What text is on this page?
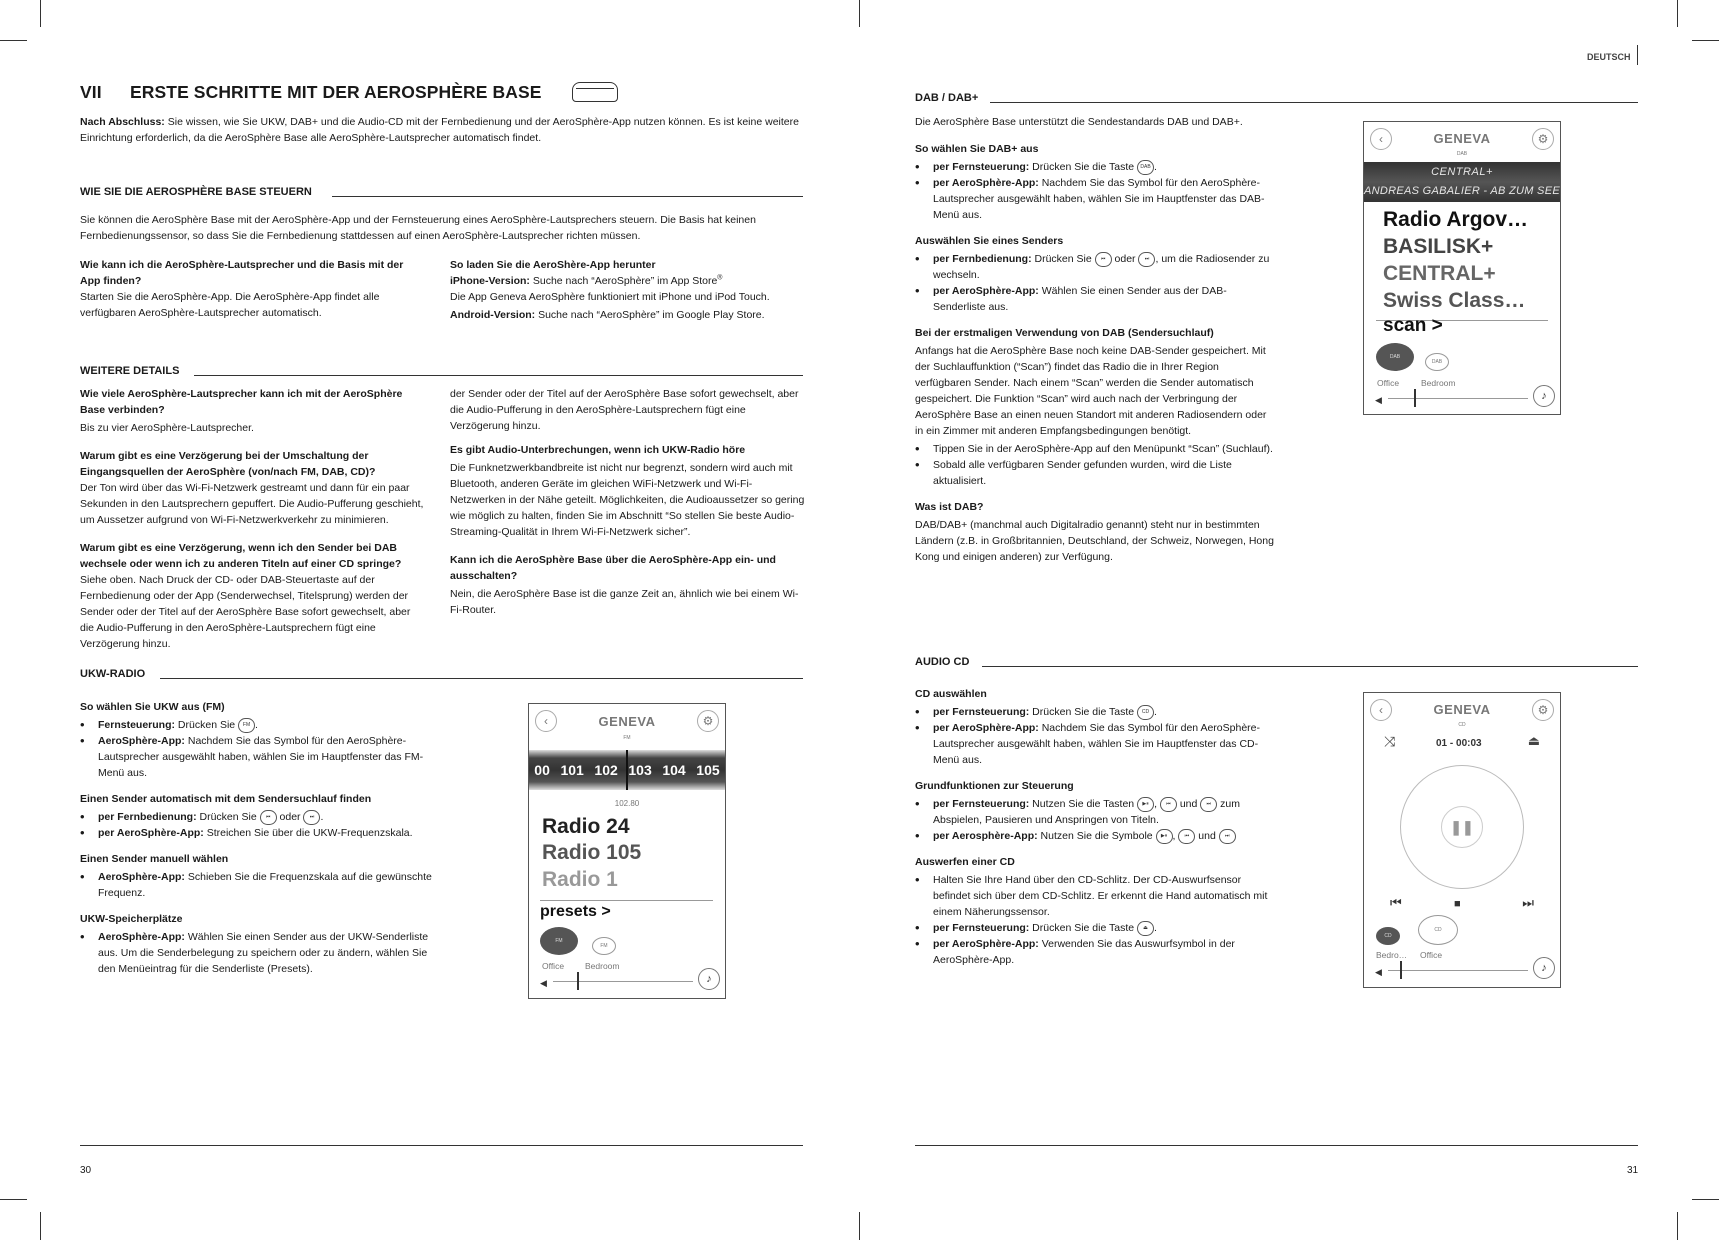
VII ERSTE SCHRITTE MIT DER AEROSPHÈRE BASE

Nach Abschluss: Sie wissen, wie Sie UKW, DAB+ und die Audio-CD mit der Fernbedienung und der AeroSphère-App nutzen können. Es ist keine weitere Einrichtung erforderlich, da die AeroSphère Base alle AeroSphère-Lautsprecher automatisch findet.

WIE SIE DIE AEROSPHÈRE BASE STEUERN

Sie können die AeroSphère Base mit der AeroSphère-App und der Fernsteuerung eines AeroSphère-Lautsprechers steuern. Die Basis hat keinen Fernbedienungssensor, so dass Sie die Fernbedienung stattdessen auf einen AeroSphère-Lautsprecher richten müssen.

Wie kann ich die AeroSphère-Lautsprecher und die Basis mit der App finden?

Starten Sie die AeroSphère-App. Die AeroSphère-App findet alle verfügbaren AeroSphère-Lautsprecher automatisch.

So laden Sie die AeroShère-App herunter

iPhone-Version: Suche nach “AeroSphère” im App Store®

Die App Geneva AeroSphère funktioniert mit iPhone und iPod Touch.

Android-Version: Suche nach “AeroSphère” im Google Play Store.

WEITERE DETAILS

Wie viele AeroSphère-Lautsprecher kann ich mit der AeroSphère Base verbinden?

Bis zu vier AeroSphère-Lautsprecher.

Warum gibt es eine Verzögerung bei der Umschaltung der Eingangsquellen der AeroSphère (von/nach FM, DAB, CD)?

Der Ton wird über das Wi-Fi-Netzwerk gestreamt und dann für ein paar Sekunden in den Lautsprechern gepuffert. Die Audio-Pufferung geschieht, um Aussetzer aufgrund von Wi-Fi-Netzwerkverkehr zu minimieren.

Warum gibt es eine Verzögerung, wenn ich den Sender bei DAB wechsele oder wenn ich zu anderen Titeln auf einer CD springe?

Siehe oben. Nach Druck der CD- oder DAB-Steuertaste auf der Fernbedienung oder der App (Senderwechsel, Titelsprung) werden der Sender oder der Titel auf der AeroSphère Base sofort gewechselt, aber die Audio-Pufferung in den AeroSphère-Lautsprechern fügt eine Verzögerung hinzu.

der Sender oder der Titel auf der AeroSphère Base sofort gewechselt, aber die Audio-Pufferung in den AeroSphère-Lautsprechern fügt eine Verzögerung hinzu.

Es gibt Audio-Unterbrechungen, wenn ich UKW-Radio höre

Die Funknetzwerkbandbreite ist nicht nur begrenzt, sondern wird auch mit Bluetooth, anderen Geräte im gleichen WiFi-Netzwerk und Wi-Fi-Netzwerken in der Nähe geteilt. Möglichkeiten, die Audioaussetzer so gering wie möglich zu halten, finden Sie im Abschnitt “So stellen Sie beste Audio-Streaming-Qualität in Ihrem Wi-Fi-Netzwerk sicher”.

Kann ich die AeroSphère Base über die AeroSphère-App ein- und ausschalten?

Nein, die AeroSphère Base ist die ganze Zeit an, ähnlich wie bei einem Wi-Fi-Router.

UKW-RADIO

So wählen Sie UKW aus (FM)

• Fernsteuerung: Drücken Sie FM .
• AeroSphère-App: Nachdem Sie das Symbol für den AeroSphère-Lautsprecher ausgewählt haben, wählen Sie im Hauptfenster das FM-Menü aus.

Einen Sender automatisch mit dem Sendersuchlauf finden

• per Fernbedienung: Drücken Sie ⏮ oder ⏭ .
• per AeroSphère-App: Streichen Sie über die UKW-Frequenzskala.

Einen Sender manuell wählen

• AeroSphère-App: Schieben Sie die Frequenzskala auf die gewünschte Frequenz.

UKW-Speicherplätze

• AeroSphère-App: Wählen Sie einen Sender aus der UKW-Senderliste aus. Um die Senderbelegung zu speichern oder zu ändern, wählen Sie den Menüeintrag für die Senderliste (Presets).
‹	⚙
GENEVA
FM
00 101 102 103 104 105
102.80
Radio 24
Radio 105
Radio 1
presets >
FM
FM
Office Bedroom
◀	♪
30
DEUTSCH
DAB / DAB+

Die AeroSphère Base unterstützt die Sendestandards DAB und DAB+.

So wählen Sie DAB+ aus

• per Fernsteuerung: Drücken Sie die Taste DAB .
• per AeroSphère-App: Nachdem Sie das Symbol für den AeroSphère-Lautsprecher ausgewählt haben, wählen Sie im Hauptfenster das DAB-Menü aus.

Auswählen Sie eines Senders

• per Fernbedienung: Drücken Sie ⏮ oder ⏭ , um die Radiosender zu wechseln.
• per AeroSphère-App: Wählen Sie einen Sender aus der DAB-Senderliste aus.

Bei der erstmaligen Verwendung von DAB (Sendersuchlauf)

Anfangs hat die AeroSphère Base noch keine DAB-Sender gespeichert. Mit der Suchlauffunktion (“Scan”) findet das Radio die in Ihrer Region verfügbaren Sender. Nach einem “Scan” werden die Sender automatisch gespeichert. Die Funktion “Scan” wird auch nach der Verbringung der AeroSphère Base an einen neuen Standort mit anderen Radiosendern oder in ein Zimmer mit anderen Empfangsbedingungen benötigt.

• Tippen Sie in der AeroSphère-App auf den Menüpunkt “Scan” (Suchlauf).
• Sobald alle verfügbaren Sender gefunden wurden, wird die Liste aktualisiert.

Was ist DAB?

DAB/DAB+ (manchmal auch Digitalradio genannt) steht nur in bestimmten Ländern (z.B. in Großbritannien, Deutschland, der Schweiz, Norwegen, Hong Kong und einigen anderen) zur Verfügung.

‹	⚙
GENEVA
DAB
CENTRAL+
ANDREAS GABALIER - AB ZUM SEE
Radio Argov…
BASILISK+
CENTRAL+
Swiss Class…
scan >
DAB
DAB
Office	Bedroom
◀	♪
AUDIO CD

CD auswählen

• per Fernsteuerung: Drücken Sie die Taste CD .
• per AeroSphère-App: Nachdem Sie das Symbol für den AeroSphère-Lautsprecher ausgewählt haben, wählen Sie im Hauptfenster das CD-Menü aus.

Grundfunktionen zur Steuerung

• per Fernsteuerung: Nutzen Sie die Tasten ▶⏸ , ⏮ und ⏭ zum Abspielen, Pausieren und Anspringen von Titeln.
• per Aerosphère-App: Nutzen Sie die Symbole ▶⏸ , ⏮ und ⏭

Auswerfen einer CD

• Halten Sie Ihre Hand über den CD-Schlitz. Der CD-Auswurfsensor befindet sich über dem CD-Schlitz. Er erkennt die Hand automatisch mit einem Näherungssensor.
• per Fernsteuerung: Drücken Sie die Taste ⏏ .
• per AeroSphère-App: Verwenden Sie das Auswurfsymbol in der AeroSphère-App.
‹	⚙
GENEVA
CD
⤨	01 - 00:03	⏏
❚❚
⏮	■	⏭
CD
CD
Bedro… Office
◀	♪
31
